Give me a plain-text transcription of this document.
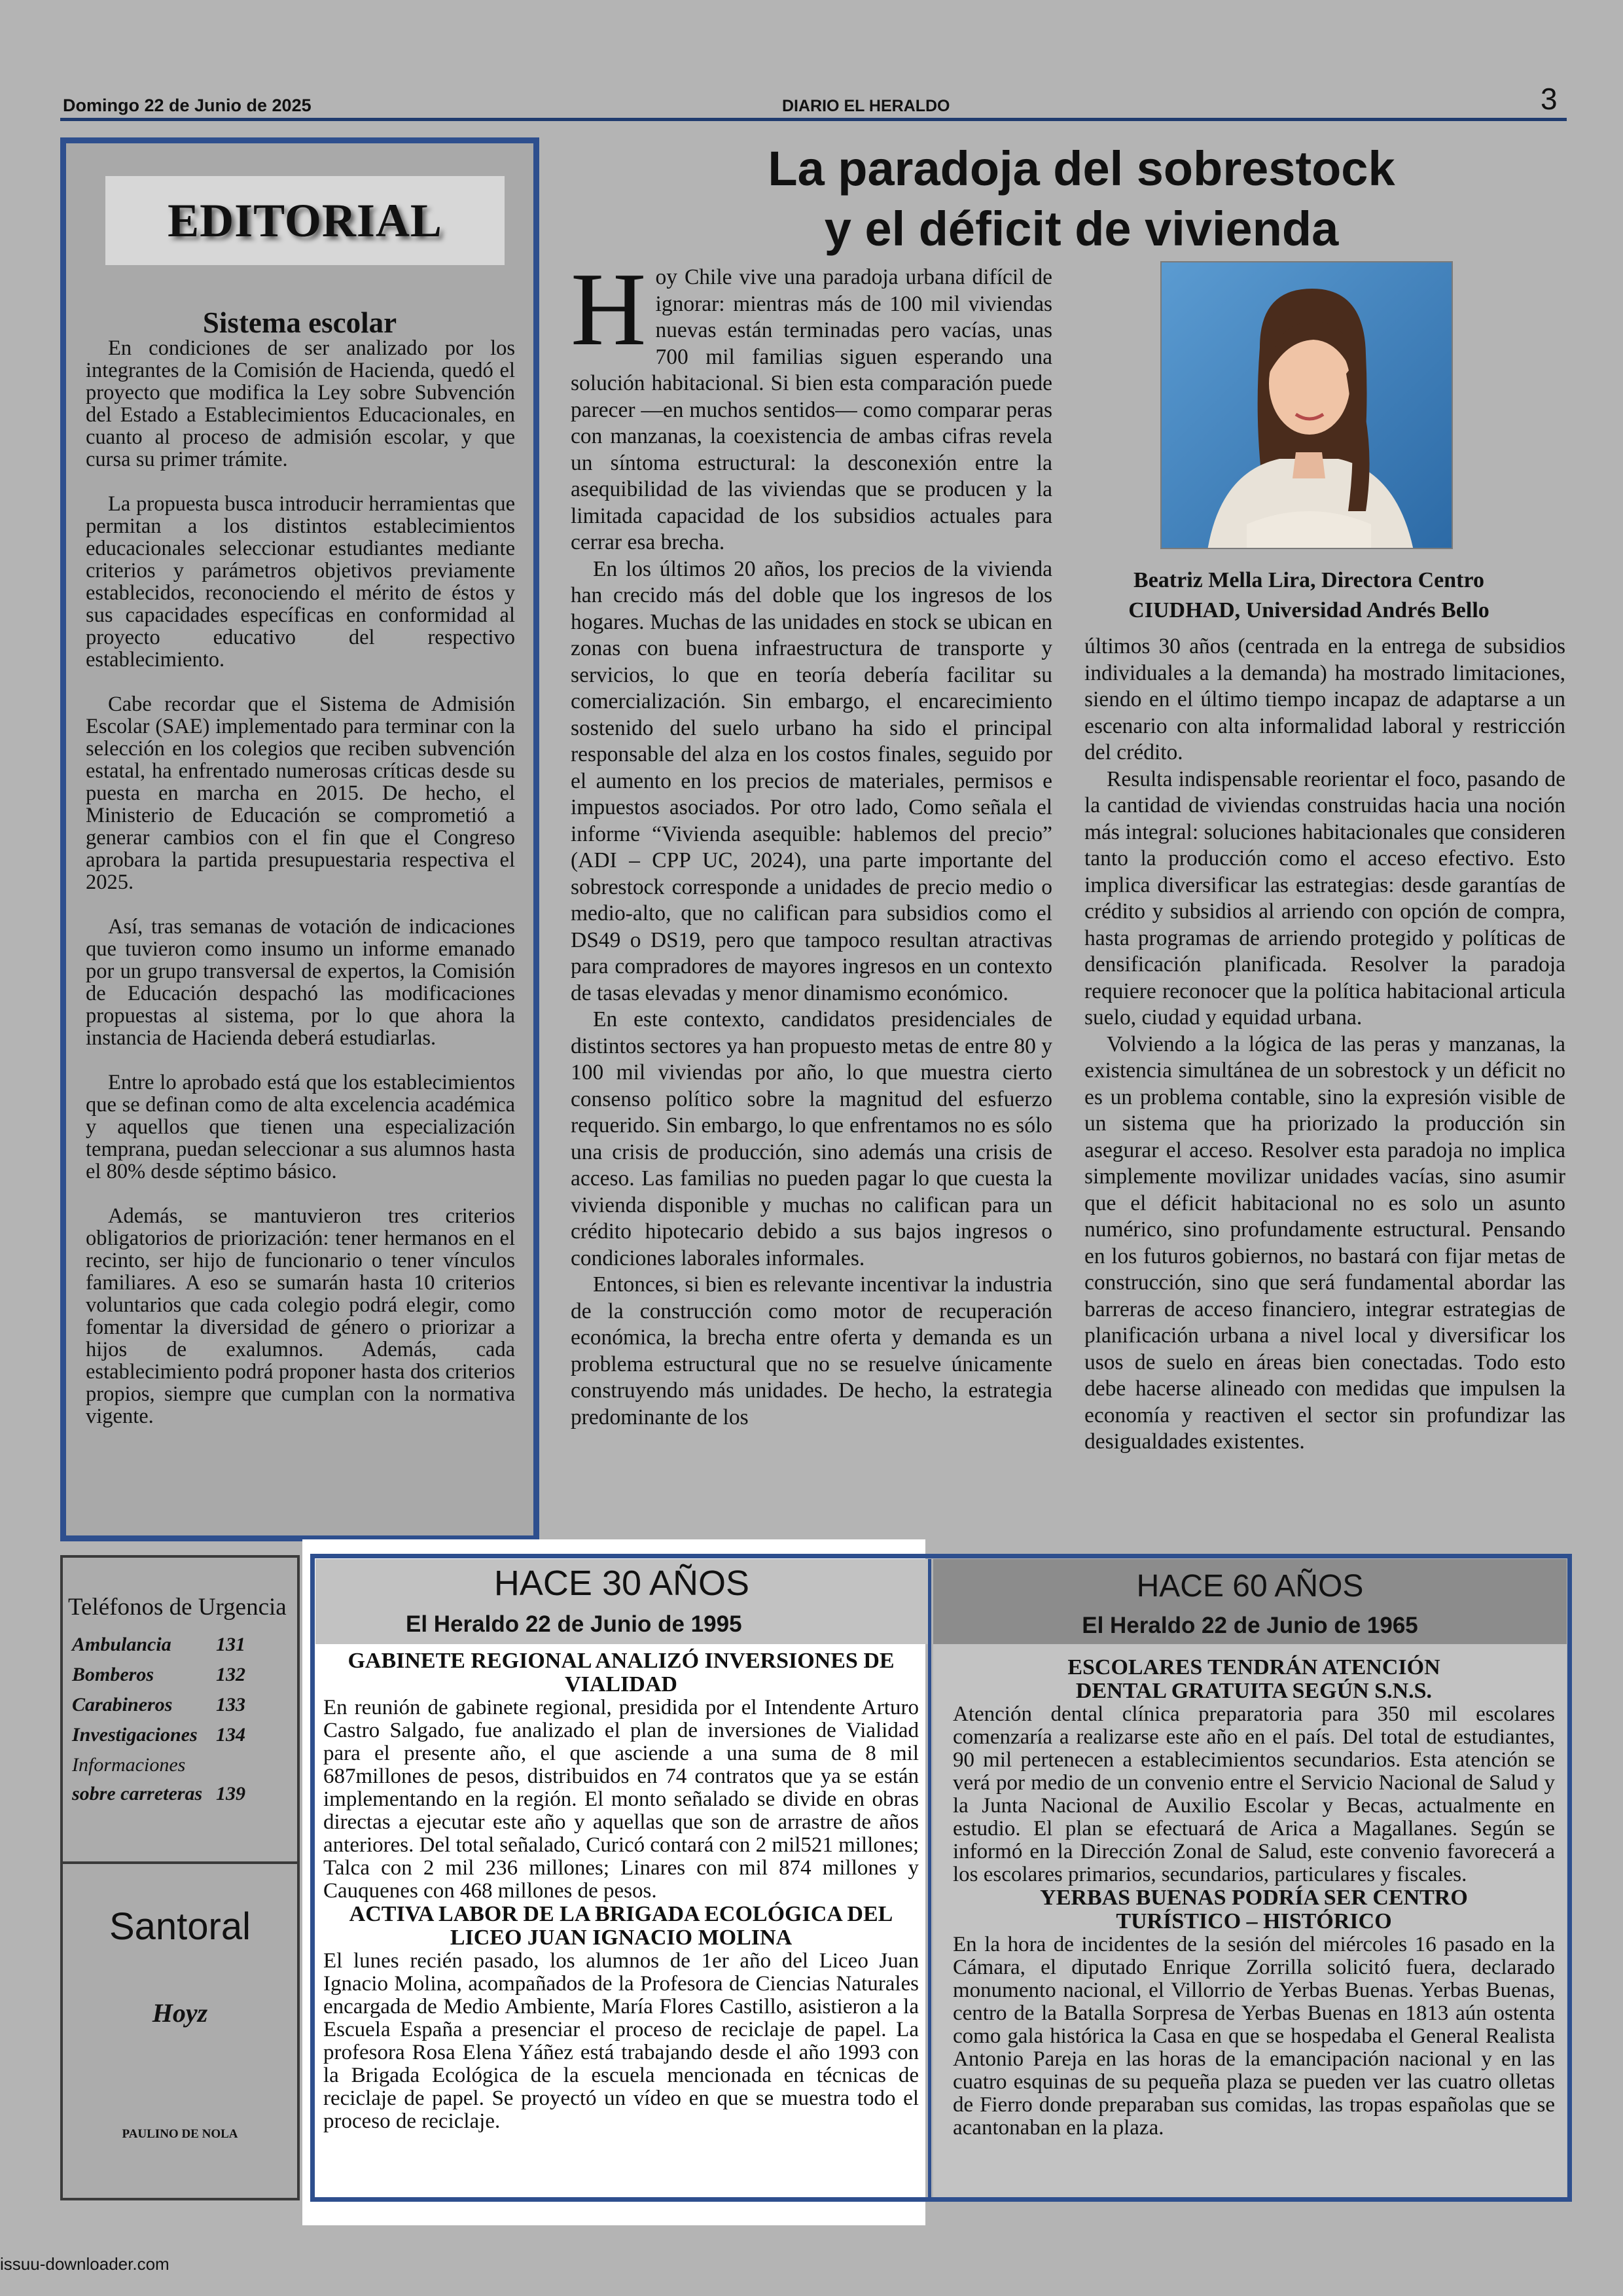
Domingo 22 de Junio de 2025	DIARIO EL HERALDO	3
EDITORIAL
Sistema escolar

En condiciones de ser analizado por los integrantes de la Comisión de Hacienda, quedó el proyecto que modifica la Ley sobre Subvención del Estado a Establecimientos Educacionales, en cuanto al proceso de admisión escolar, y que cursa su primer trámite.

La propuesta busca introducir herramientas que permitan a los distintos establecimientos educacionales seleccionar estudiantes mediante criterios y parámetros objetivos previamente establecidos, reconociendo el mérito de éstos y sus capacidades específicas en conformidad al proyecto educativo del respectivo establecimiento.

Cabe recordar que el Sistema de Admisión Escolar (SAE) implementado para terminar con la selección en los colegios que reciben subvención estatal, ha enfrentado numerosas críticas desde su puesta en marcha en 2015. De hecho, el Ministerio de Educación se comprometió a generar cambios con el fin que el Congreso aprobara la partida presupuestaria respectiva el 2025.

Así, tras semanas de votación de indicaciones que tuvieron como insumo un informe emanado por un grupo transversal de expertos, la Comisión de Educación despachó las modificaciones propuestas al sistema, por lo que ahora la instancia de Hacienda deberá estudiarlas.

Entre lo aprobado está que los establecimientos que se definan como de alta excelencia académica y aquellos que tienen una especialización temprana, puedan seleccionar a sus alumnos hasta el 80% desde séptimo básico.

Además, se mantuvieron tres criterios obligatorios de priorización: tener hermanos en el recinto, ser hijo de funcionario o tener vínculos familiares. A eso se sumarán hasta 10 criterios voluntarios que cada colegio podrá elegir, como fomentar la diversidad de género o priorizar a hijos de exalumnos. Además, cada establecimiento podrá proponer hasta dos criterios propios, siempre que cumplan con la normativa vigente.

La paradoja del sobrestock
y el déficit de vivienda

Hoy Chile vive una paradoja urbana difícil de ignorar: mientras más de 100 mil viviendas nuevas están terminadas pero vacías, unas 700 mil familias siguen esperando una solución habitacional. Si bien esta comparación puede parecer —en muchos sentidos— como comparar peras con manzanas, la coexistencia de ambas cifras revela un síntoma estructural: la desconexión entre la asequibilidad de las viviendas que se producen y la limitada capacidad de los subsidios actuales para cerrar esa brecha.

En los últimos 20 años, los precios de la vivienda han crecido más del doble que los ingresos de los hogares. Muchas de las unidades en stock se ubican en zonas con buena infraestructura de transporte y servicios, lo que en teoría debería facilitar su comercialización. Sin embargo, el encarecimiento sostenido del suelo urbano ha sido el principal responsable del alza en los costos finales, seguido por el aumento en los precios de materiales, permisos e impuestos asociados. Por otro lado, Como señala el informe “Vivienda asequible: hablemos del precio” (ADI – CPP UC, 2024), una parte importante del sobrestock corresponde a unidades de precio medio o medio-alto, que no califican para subsidios como el DS49 o DS19, pero que tampoco resultan atractivas para compradores de mayores ingresos en un contexto de tasas elevadas y menor dinamismo económico.

En este contexto, candidatos presidenciales de distintos sectores ya han propuesto metas de entre 80 y 100 mil viviendas por año, lo que muestra cierto consenso político sobre la magnitud del esfuerzo requerido. Sin embargo, lo que enfrentamos no es sólo una crisis de producción, sino además una crisis de acceso. Las familias no pueden pagar lo que cuesta la vivienda disponible y muchas no califican para un crédito hipotecario debido a sus bajos ingresos o condiciones laborales informales.

Entonces, si bien es relevante incentivar la industria de la construcción como motor de recuperación económica, la brecha entre oferta y demanda es un problema estructural que no se resuelve únicamente construyendo más unidades. De hecho, la estrategia predominante de los

Beatriz Mella Lira, Directora Centro
CIUDHAD, Universidad Andrés Bello

últimos 30 años (centrada en la entrega de subsidios individuales a la demanda) ha mostrado limitaciones, siendo en el último tiempo incapaz de adaptarse a un escenario con alta informalidad laboral y restricción del crédito.

Resulta indispensable reorientar el foco, pasando de la cantidad de viviendas construidas hacia una noción más integral: soluciones habitacionales que consideren tanto la producción como el acceso efectivo. Esto implica diversificar las estrategias: desde garantías de crédito y subsidios al arriendo con opción de compra, hasta programas de arriendo protegido y políticas de densificación planificada. Resolver la paradoja requiere reconocer que la política habitacional articula suelo, ciudad y equidad urbana.

Volviendo a la lógica de las peras y manzanas, la existencia simultánea de un sobrestock y un déficit no es un problema contable, sino la expresión visible de un sistema que ha priorizado la producción sin asegurar el acceso. Resolver esta paradoja no implica simplemente movilizar unidades vacías, sino asumir que el déficit habitacional no es solo un asunto numérico, sino profundamente estructural. Pensando en los futuros gobiernos, no bastará con fijar metas de construcción, sino que será fundamental abordar las barreras de acceso financiero, integrar estrategias de planificación urbana a nivel local y diversificar los usos de suelo en áreas bien conectadas. Todo esto debe hacerse alineado con medidas que impulsen la economía y reactiven el sector sin profundizar las desigualdades existentes.

Teléfonos de Urgencia
Ambulancia 131
Bomberos	132
Carabineros 133
Investigaciones 134
Informaciones
sobre carreteras 139
Santoral
Hoyz
PAULINO DE NOLA
HACE 30 AÑOS
El Heraldo 22 de Junio de 1995
GABINETE REGIONAL ANALIZÓ INVERSIONES DE VIALIDAD
En reunión de gabinete regional, presidida por el Intendente Arturo Castro Salgado, fue analizado el plan de inversiones de Vialidad para el presente año, el que asciende a una suma de 8 mil 687millones de pesos, distribuidos en 74 contratos que ya se están implementando en la región. El monto señalado se divide en obras directas a ejecutar este año y aquellas que son de arrastre de años anteriores. Del total señalado, Curicó contará con 2 mil521 millones; Talca con 2 mil 236 millones; Linares con mil 874 millones y Cauquenes con 468 millones de pesos.
ACTIVA LABOR DE LA BRIGADA ECOLÓGICA DEL LICEO JUAN IGNACIO MOLINA
El lunes recién pasado, los alumnos de 1er año del Liceo Juan Ignacio Molina, acompañados de la Profesora de Ciencias Naturales encargada de Medio Ambiente, María Flores Castillo, asistieron a la Escuela España a presenciar el proceso de reciclaje de papel. La profesora Rosa Elena Yáñez está trabajando desde el año 1993 con la Brigada Ecológica de la escuela mencionada en técnicas de reciclaje de papel. Se proyectó un vídeo en que se muestra todo el proceso de reciclaje.
HACE 60 AÑOS
El Heraldo 22 de Junio de 1965
ESCOLARES TENDRÁN ATENCIÓN DENTAL GRATUITA SEGÚN S.N.S.
Atención dental clínica preparatoria para 350 mil escolares comenzaría a realizarse este año en el país. Del total de estudiantes, 90 mil pertenecen a establecimientos secundarios. Esta atención se verá por medio de un convenio entre el Servicio Nacional de Salud y la Junta Nacional de Auxilio Escolar y Becas, actualmente en estudio. El plan se efectuará de Arica a Magallanes. Según se informó en la Dirección Zonal de Salud, este convenio favorecerá a los escolares primarios, secundarios, particulares y fiscales.
YERBAS BUENAS PODRÍA SER CENTRO TURÍSTICO – HISTÓRICO
En la hora de incidentes de la sesión del miércoles 16 pasado en la Cámara, el diputado Enrique Zorrilla solicitó fuera, declarado monumento nacional, el Villorrio de Yerbas Buenas. Yerbas Buenas, centro de la Batalla Sorpresa de Yerbas Buenas en 1813 aún ostenta como gala histórica la Casa en que se hospedaba el General Realista Antonio Pareja en las horas de la emancipación nacional y en las cuatro esquinas de su pequeña plaza se pueden ver las cuatro olletas de Fierro donde preparaban sus comidas, las tropas españolas que se acantonaban en la plaza.
issuu-downloader.com
